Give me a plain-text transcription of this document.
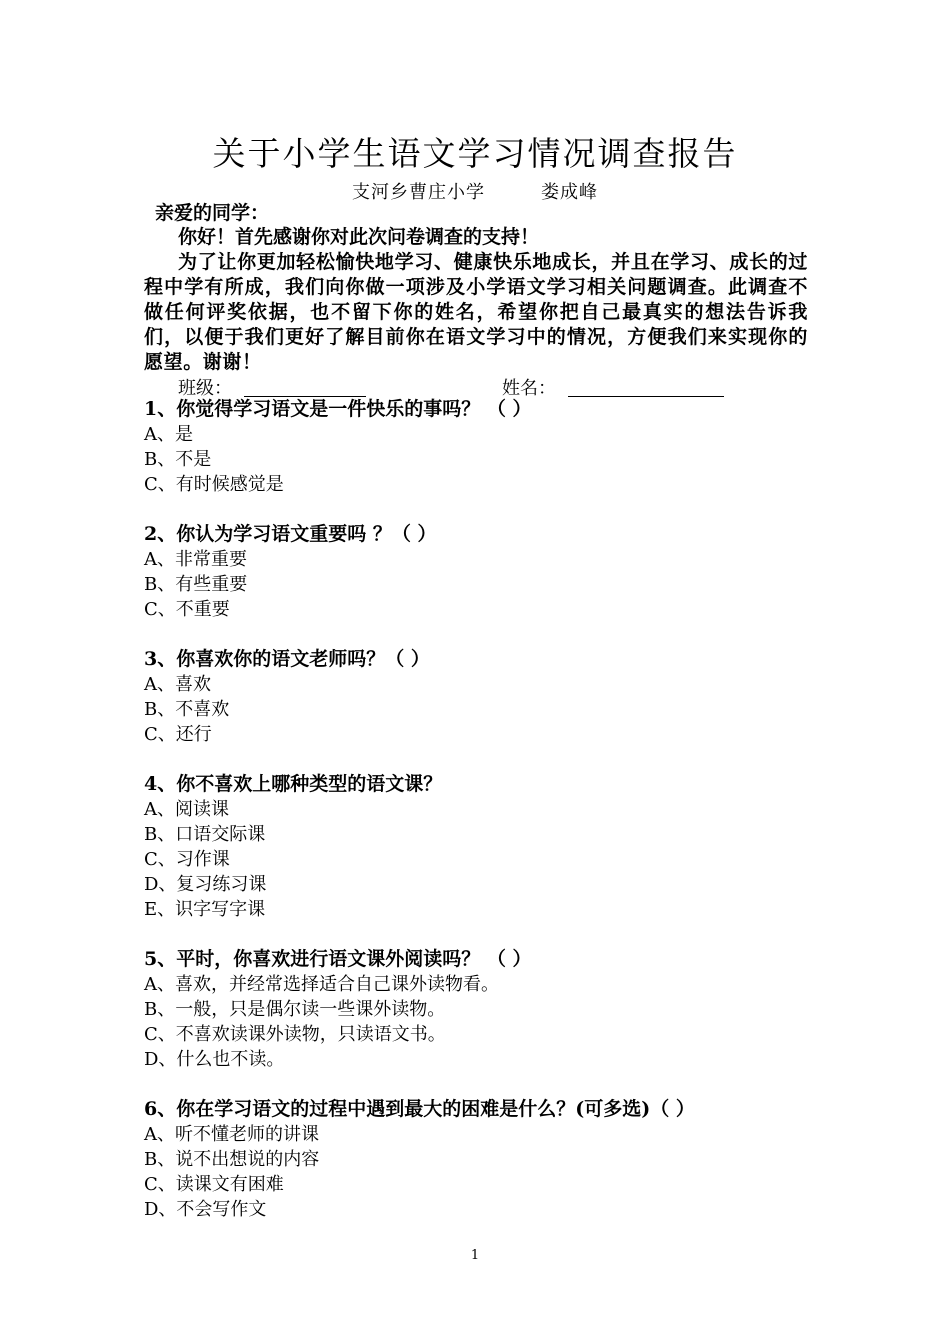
关于小学生语文学习情况调查报告
支河乡曹庄小学	娄成峰
亲爱的同学：
你好！首先感谢你对此次问卷调查的支持！
为了让你更加轻松愉快地学习、健康快乐地成长，并且在学习、成长的过程中学有所成，我们向你做一项涉及小学语文学习相关问题调查。此调查不做任何评奖依据，也不留下你的姓名，希望你把自己最真实的想法告诉我们，以便于我们更好了解目前你在语文学习中的情况，方便我们来实现你的愿望。谢谢！
班级：	姓名：
1、你觉得学习语文是一件快乐的事吗？ （ ）
A、是
B、不是
C、有时候感觉是
2、你认为学习语文重要吗 ？（ ）
A、非常重要
B、有些重要
C、不重要
3、你喜欢你的语文老师吗？（ ）
A、喜欢
B、不喜欢
C、还行
4、你不喜欢上哪种类型的语文课？
A、阅读课
B、口语交际课
C、习作课
D、复习练习课
E、识字写字课
5、平时，你喜欢进行语文课外阅读吗？ （ ）
A、喜欢，并经常选择适合自己课外读物看。
B、一般，只是偶尔读一些课外读物。
C、不喜欢读课外读物，只读语文书。
D、什么也不读。
6、你在学习语文的过程中遇到最大的困难是什么？(可多选)（ ）
A、听不懂老师的讲课
B、说不出想说的内容
C、读课文有困难
D、不会写作文
1
